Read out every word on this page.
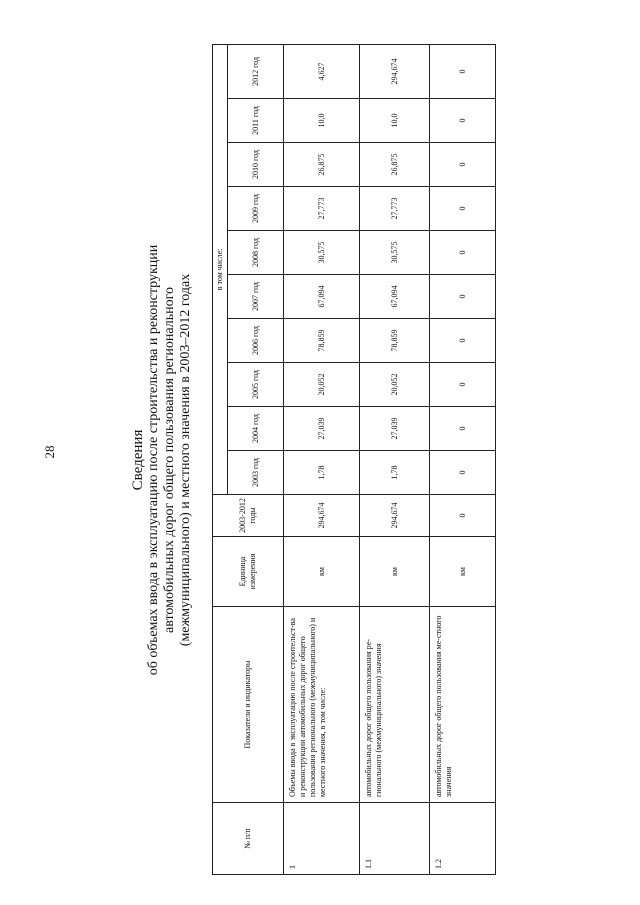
28	Сведения об объемах ввода в эксплуатацию после строительства и реконструкции автомобильных дорог общего пользования регионального (межмуниципального) и местного значения в 2003–2012 годах
№ п/п	Показатели и индикаторы	Единица измерения	2003-2012 годы	в том числе:									
				2003 год	2004 год	2005 год	2006 год	2007 год	2008 год	2009 год	2010 год	2011 год	2012 год
1	Объемы ввода в эксплуатацию после строительст-ва и реконструкции автомобильных дорог общего пользования регионального (межмуниципального) и местного значения, в том числе:	км	294,674	1,78	27,039	20,052	78,859	67,094	30,575	27,773	26,875	10,0	4,627
1.1	автомобильных дорог общего пользования ре-гионального (межмуниципального) значения	км	294,674	1,78	27,039	20,052	78,859	67,094	30,575	27,773	26,875	10,0	294,674
1.2	автомобильных дорог общего пользования ме-стного значения	км	0	0	0	0	0	0	0	0	0	0	0
